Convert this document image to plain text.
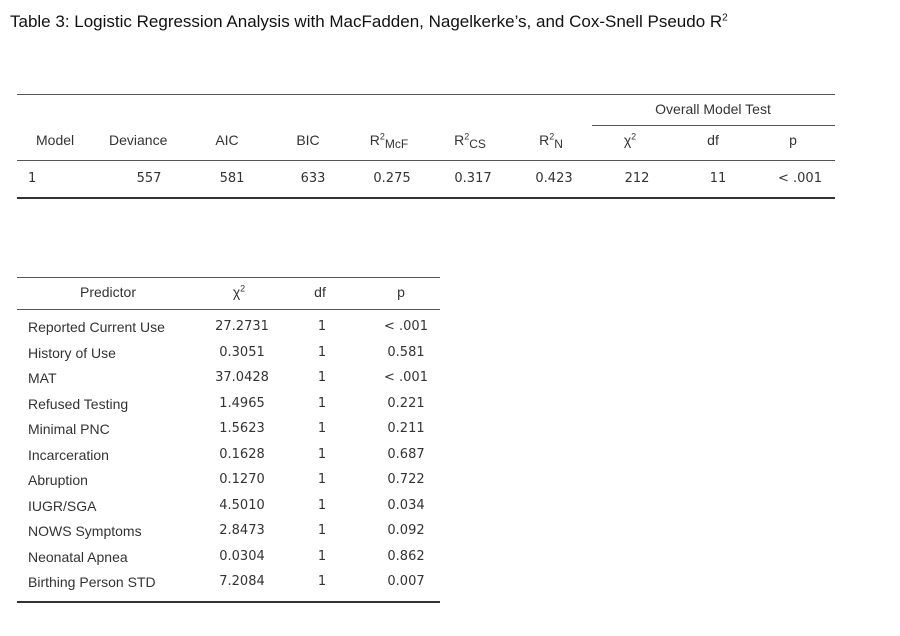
Table 3: Logistic Regression Analysis with MacFadden, Nagelkerke’s, and Cox-Snell Pseudo $R^2$
Overall Model Test
Model Deviance	AIC	BIC	$R^2_{McF}$	$R^2_{CS}$	$R^2_N$	$\chi^2$	df	p
1	557	581	633	0.275	0.317	0.423	212	11	< .001
Predictor	$\chi^2$	df	p
Reported Current Use	27.2731	1	< .001
History of Use	0.3051	1	0.581
MAT	37.0428	1	< .001
Refused Testing	1.4965	1	0.221
Minimal PNC	1.5623	1	0.211
Incarceration	0.1628	1	0.687
Abruption	0.1270	1	0.722
IUGR/SGA	4.5010	1	0.034
NOWS Symptoms	2.8473	1	0.092
Neonatal Apnea	0.0304	1	0.862
Birthing Person STD	7.2084	1	0.007
